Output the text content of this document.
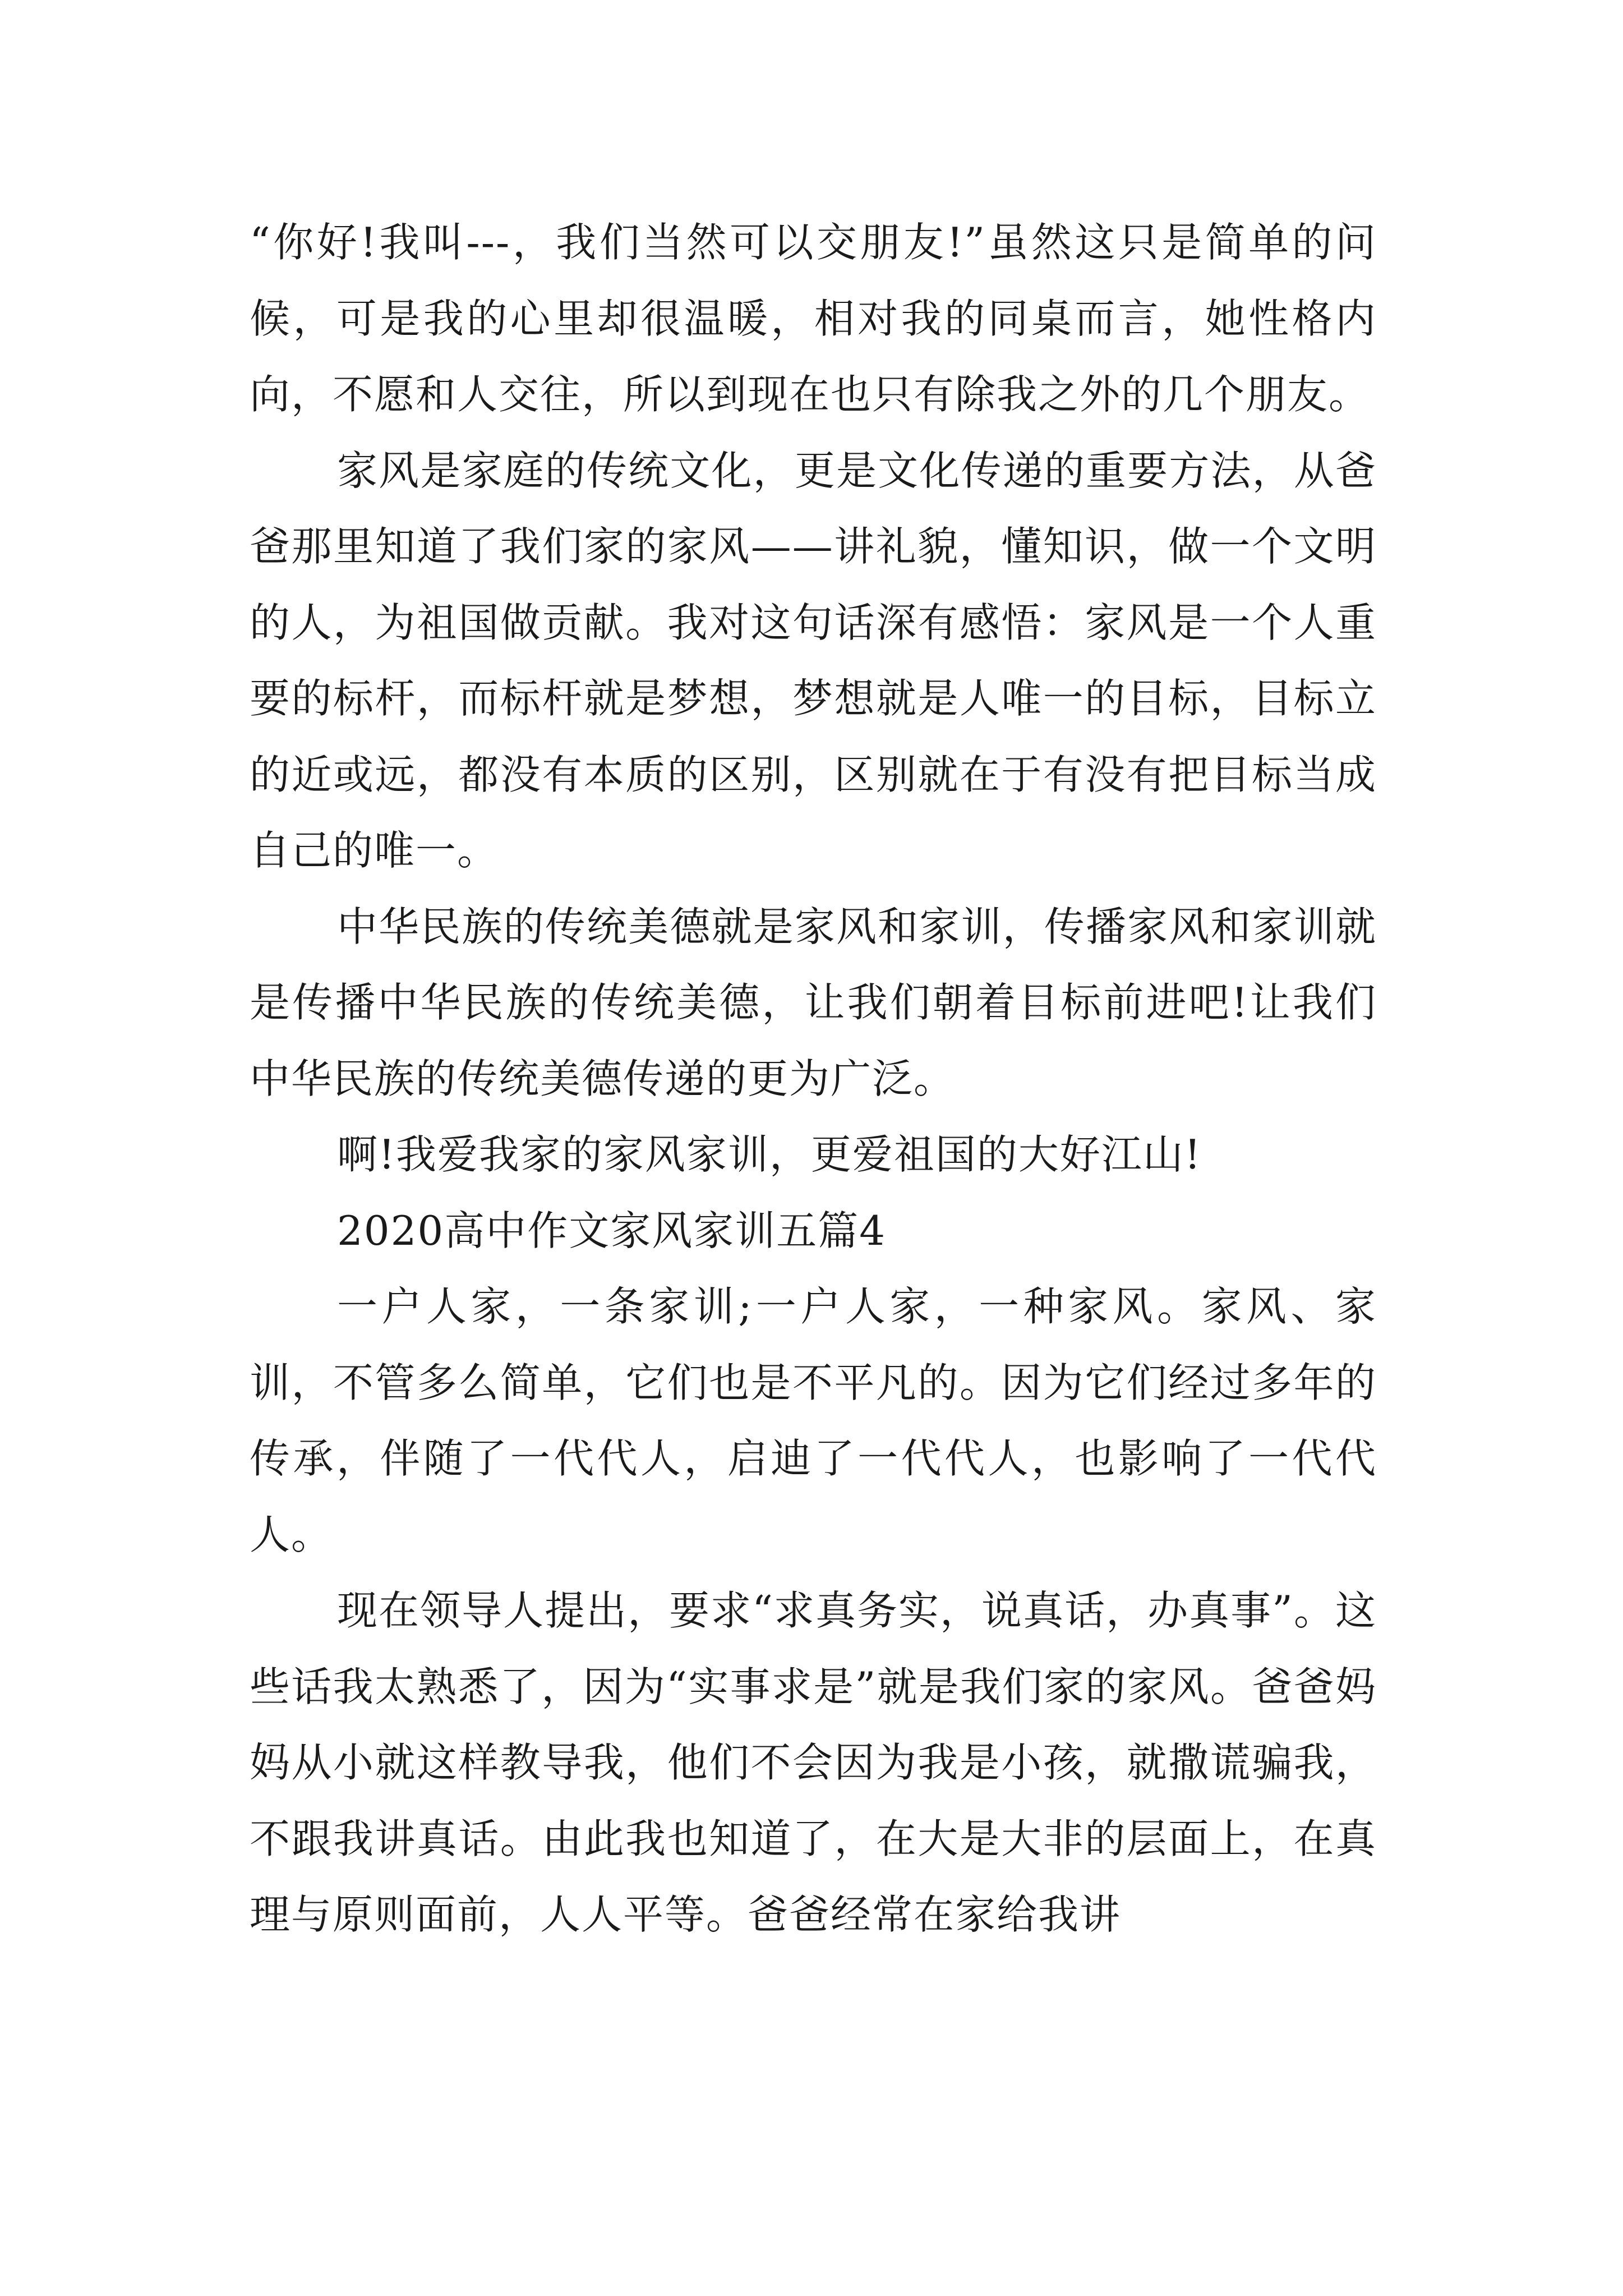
“你好!我叫---，我们当然可以交朋友!”虽然这只是简单的问候，可是我的心里却很温暖，相对我的同桌而言，她性格内向，不愿和人交往，所以到现在也只有除我之外的几个朋友。

家风是家庭的传统文化，更是文化传递的重要方法，从爸爸那里知道了我们家的家风——讲礼貌，懂知识，做一个文明的人，为祖国做贡献。我对这句话深有感悟：家风是一个人重要的标杆，而标杆就是梦想，梦想就是人唯一的目标，目标立的近或远，都没有本质的区别，区别就在于有没有把目标当成自己的唯一。

中华民族的传统美德就是家风和家训，传播家风和家训就是传播中华民族的传统美德，让我们朝着目标前进吧!让我们中华民族的传统美德传递的更为广泛。

啊!我爱我家的家风家训，更爱祖国的大好江山!

2020高中作文家风家训五篇4

一户人家，一条家训;一户人家，一种家风。家风、家训，不管多么简单，它们也是不平凡的。因为它们经过多年的传承，伴随了一代代人，启迪了一代代人，也影响了一代代人。

现在领导人提出，要求“求真务实，说真话，办真事”。这些话我太熟悉了，因为“实事求是”就是我们家的家风。爸爸妈妈从小就这样教导我，他们不会因为我是小孩，就撒谎骗我，不跟我讲真话。由此我也知道了，在大是大非的层面上，在真理与原则面前，人人平等。爸爸经常在家给我讲
